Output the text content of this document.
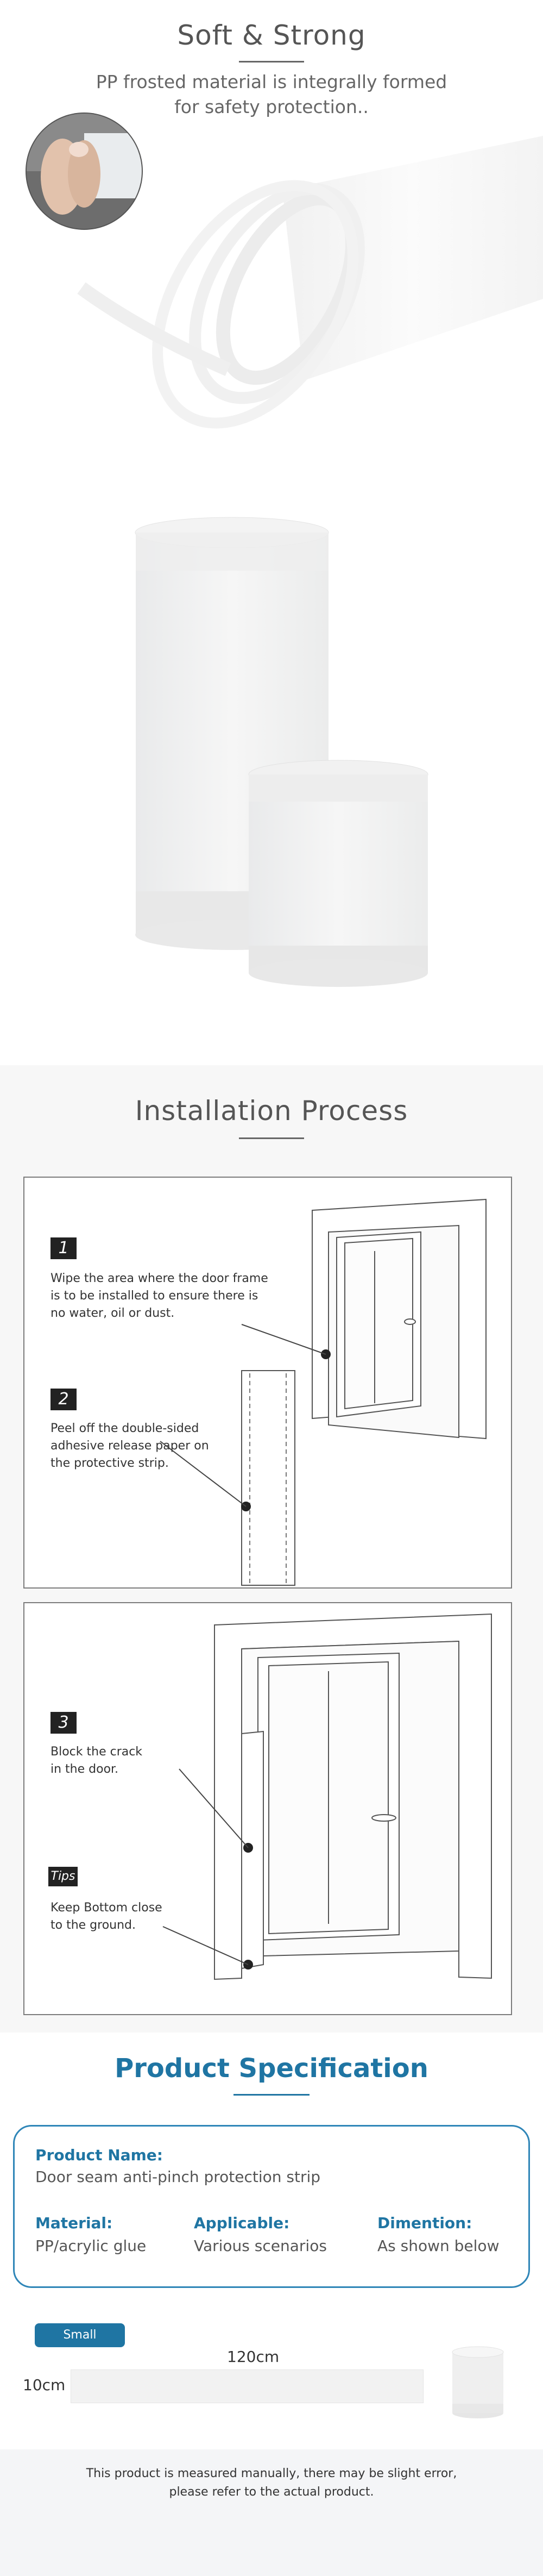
Soft & Strong
PP frosted material is integrally formed
for safety protection..
Installation Process
1
Wipe the area where the door frame
is to be installed to ensure there is
no water, oil or dust.
2
Peel off the double-sided
adhesive release paper on
the protective strip.
3
Block the crack
in the door.
Tips
Keep Bottom close
to the ground.
Product Specification
Product Name:
Door seam anti-pinch protection strip
Material:
PP/acrylic glue
Applicable:
Various scenarios
Dimention:
As shown below
Small
120cm
10cm
This product is measured manually, there may be slight error,
please refer to the actual product.
